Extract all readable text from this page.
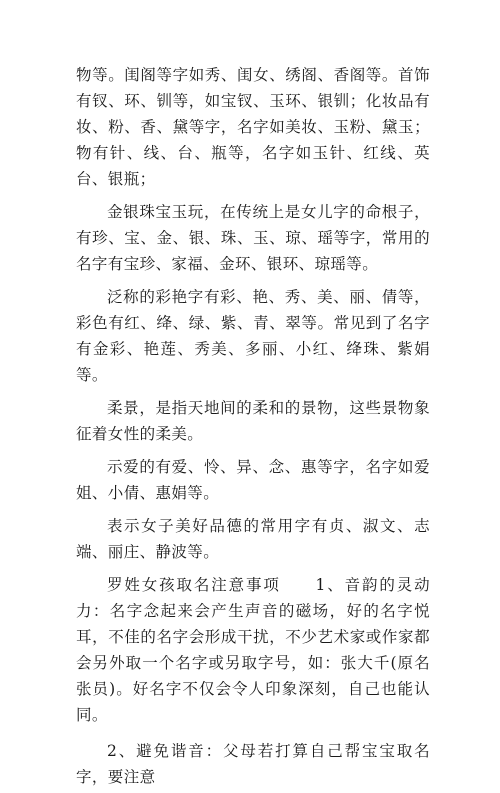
物等。闺阁等字如秀、闺女、绣阁、香阁等。首饰有钗、环、钏等，如宝钗、玉环、银钏；化妆品有妆、粉、香、黛等字，名字如美妆、玉粉、黛玉；物有针、线、台、瓶等，名字如玉针、红线、英台、银瓶；

金银珠宝玉玩，在传统上是女儿字的命根子，有珍、宝、金、银、珠、玉、琼、瑶等字，常用的名字有宝珍、家福、金环、银环、琼瑶等。

泛称的彩艳字有彩、艳、秀、美、丽、倩等，彩色有红、绛、绿、紫、青、翠等。常见到了名字有金彩、艳莲、秀美、多丽、小红、绛珠、紫娟等。

柔景，是指天地间的柔和的景物，这些景物象征着女性的柔美。

示爱的有爱、怜、异、念、惠等字，名字如爱姐、小倩、惠娟等。

表示女子美好品德的常用字有贞、淑文、志端、丽庄、静波等。

罗姓女孩取名注意事项　　1、音韵的灵动力：名字念起来会产生声音的磁场，好的名字悦耳，不佳的名字会形成干扰，不少艺术家或作家都会另外取一个名字或另取字号，如：张大千(原名张员)。好名字不仅会令人印象深刻，自己也能认同。

2、避免谐音：父母若打算自己帮宝宝取名字，要注意
